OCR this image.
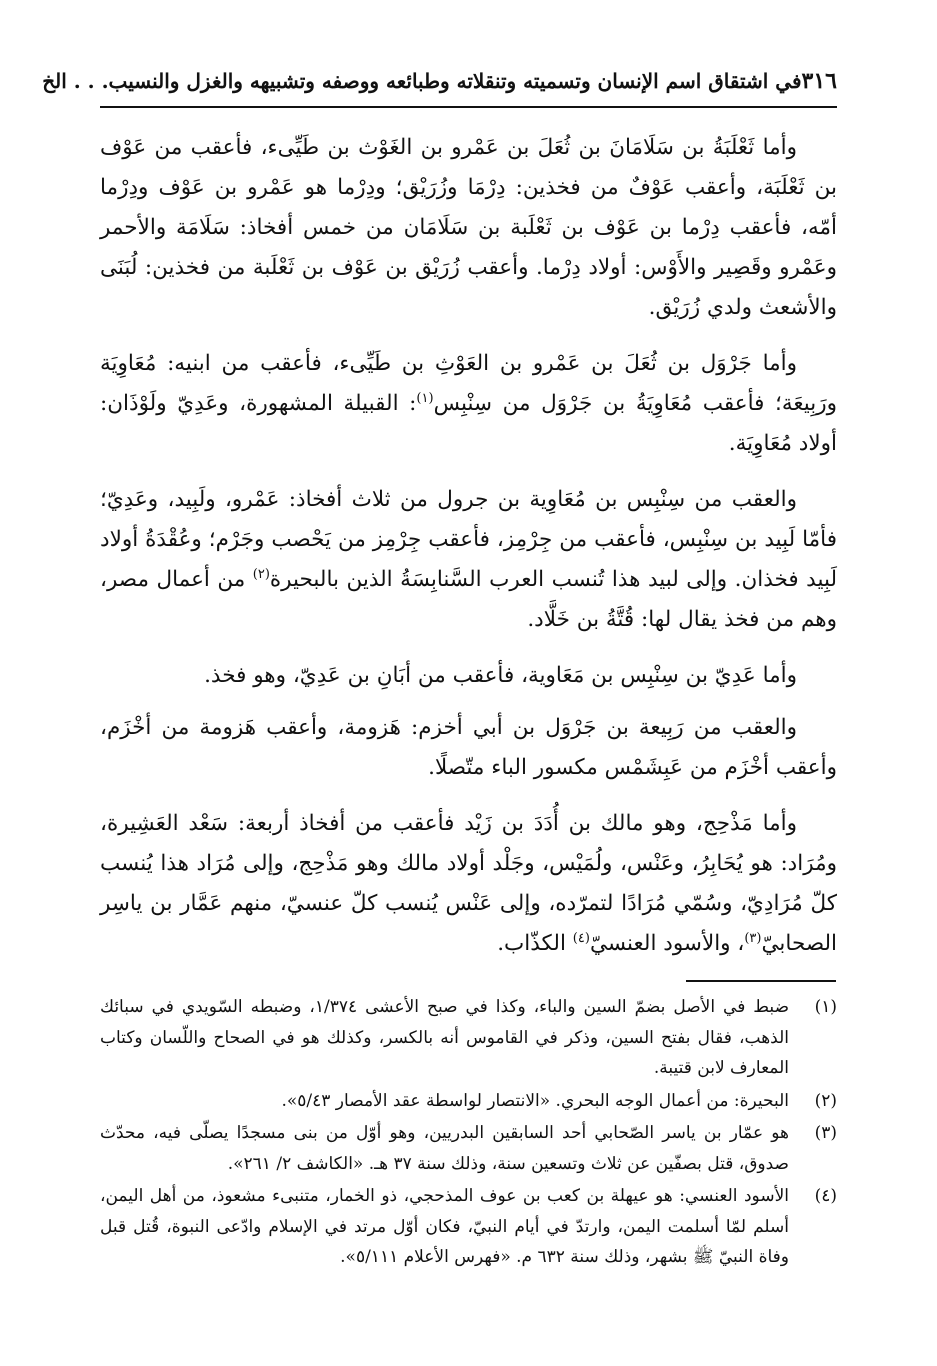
٣١٦
في اشتقاق اسم الإنسان وتسميته وتنقلاته وطبائعه ووصفه وتشبيهه والغزل والنسيب. . . الخ

وأما ثَعْلَبَةُ بن سَلَامَانَ بن ثُعَلَ بن عَمْرو بن الغَوْث بن طَيِّىء، فأعقب من عَوْف بن ثَعْلَبَة، وأعقب عَوْفٌ من فخذين: دِرْمَا وزُرَيْق؛ ودِرْما هو عَمْرو بن عَوْف ودِرْما أمّه، فأعقب دِرْما بن عَوْف بن ثَعْلَبة بن سَلَامَان من خمس أفخاذ: سَلَامَة والأحمر وعَمْرو وقَصِير والأَوْس: أولاد دِرْما. وأعقب زُرَيْق بن عَوْف بن ثَعْلَبة من فخذين: لُبَنَى والأشعث ولدي زُرَيْق.

وأما جَرْوَل بن ثُعَلَ بن عَمْرو بن العَوْثِ بن طَيِّىء، فأعقب من ابنيه: مُعَاوِيَة ورَبِيعَة؛ فأعقب مُعَاوِيَةُ بن جَرْوَل من سِنْبِس$^{(١)}$: القبيلة المشهورة، وعَدِيّ ولَوْذَان: أولاد مُعَاوِيَة.

والعقب من سِنْبِس بن مُعَاوِية بن جرول من ثلاث أفخاذ: عَمْرو، ولَبِيد، وعَدِيّ؛ فأمّا لَبِيد بن سِنْبِس، فأعقب من جِرْمِز، فأعقب جِرْمِز من يَحْصب وجَرْم؛ وعُقْدَةُ أولاد لَبِيد فخذان. وإلى لبيد هذا تُنسب العرب السَّنابِسَةُ الذين بالبحيرة$^{(٢)}$ من أعمال مصر، وهم من فخذ يقال لها: قُتَّةُ بن خَلَّاد.

وأما عَدِيّ بن سِنْبِس بن مَعَاوية، فأعقب من أبَانِ بن عَدِيّ، وهو فخذ.

والعقب من رَبِيعة بن جَرْوَل بن أبي أخزم: هَزومة، وأعقب هَزومة من أخْزَم، وأعقب أخْزَم من عَبِشَمْس مكسور الباء متّصلًا.

وأما مَذْحِج، وهو مالك بن أُدَدَ بن زَيْد فأعقب من أفخاذ أربعة: سَعْد العَشِيرة، ومُرَاد: هو يُحَابِرُ، وعَنْس، ولُمَيْس، وجَلْد أولاد مالك وهو مَذْحِج، وإلى مُرَاد هذا يُنسب كلّ مُرَادِيّ، وسُمّي مُرَادًا لتمرّده، وإلى عَنْس يُنسب كلّ عنسيّ، منهم عَمَّار بن ياسِر الصحابيّ$^{(٣)}$، والأسود العنسيّ$^{(٤)}$ الكذّاب.

(١)
ضبط في الأصل بضمّ السين والباء، وكذا في صبح الأعشى ١/٣٧٤، وضبطه السّويدي في سبائك الذهب، فقال بفتح السين، وذكر في القاموس أنه بالكسر، وكذلك هو في الصحاح واللّسان وكتاب المعارف لابن قتيبة.
(٢)
البحيرة: من أعمال الوجه البحري. «الانتصار لواسطة عقد الأمصار ٥/٤٣».
(٣)
هو عمّار بن ياسر الصّحابي أحد السابقين البدريين، وهو أوّل من بنى مسجدًا يصلّى فيه، محدّث صدوق، قتل بصفّين عن ثلاث وتسعين سنة، وذلك سنة ٣٧ هـ. «الكاشف ٢/ ٢٦١».
(٤)
الأسود العنسي: هو عيهلة بن كعب بن عوف المذحجي، ذو الخمار، متنبىء مشعوذ، من أهل اليمن، أسلم لمّا أسلمت اليمن، وارتدّ في أيام النبيّ، فكان أوّل مرتد في الإسلام وادّعى النبوة، قُتل قبل وفاة النبيّ ﷺ بشهر، وذلك سنة ٦٣٢ م. «فهرس الأعلام ٥/١١١».
